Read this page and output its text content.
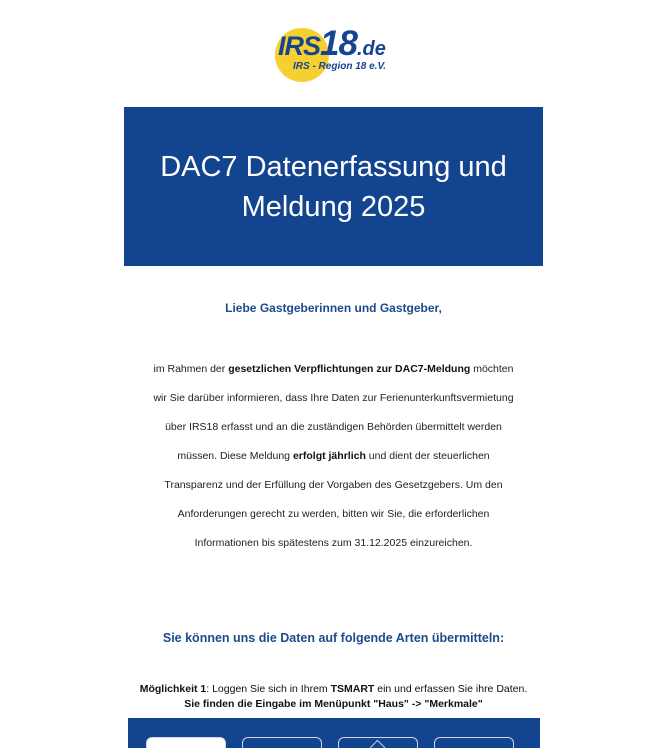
IRS18.de
IRS - Region 18 e.V.
DAC7 Datenerfassung und Meldung 2025
Liebe Gastgeberinnen und Gastgeber,
im Rahmen der gesetzlichen Verpflichtungen zur DAC7-Meldung möchten wir Sie darüber informieren, dass Ihre Daten zur Ferienunterkunftsvermietung über IRS18 erfasst und an die zuständigen Behörden übermittelt werden müssen. Diese Meldung erfolgt jährlich und dient der steuerlichen Transparenz und der Erfüllung der Vorgaben des Gesetzgebers. Um den Anforderungen gerecht zu werden, bitten wir Sie, die erforderlichen Informationen bis spätestens zum 31.12.2025 einzureichen.
Sie können uns die Daten auf folgende Arten übermitteln:
Möglichkeit 1: Loggen Sie sich in Ihrem TSMART ein und erfassen Sie ihre Daten.
Sie finden die Eingabe im Menüpunkt "Haus" -> "Merkmale"
